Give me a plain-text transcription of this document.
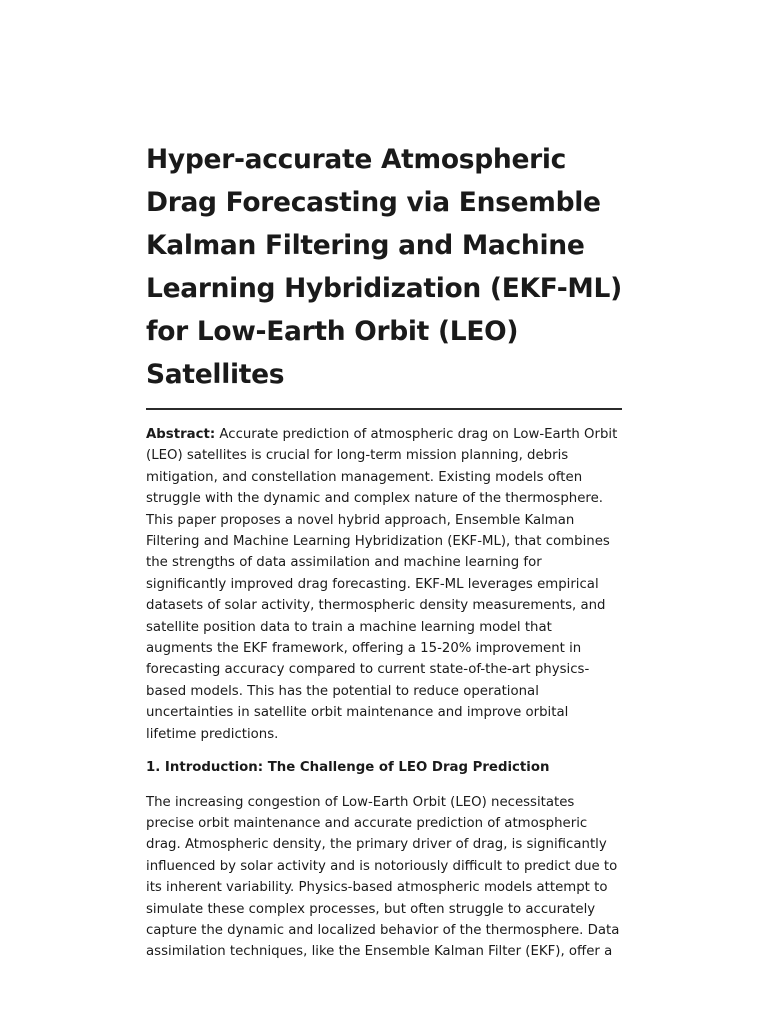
Hyper-accurate Atmospheric Drag Forecasting via Ensemble Kalman Filtering and Machine Learning Hybridization (EKF-ML) for Low-Earth Orbit (LEO) Satellites

Abstract: Accurate prediction of atmospheric drag on Low-Earth Orbit (LEO) satellites is crucial for long-term mission planning, debris mitigation, and constellation management. Existing models often struggle with the dynamic and complex nature of the thermosphere. This paper proposes a novel hybrid approach, Ensemble Kalman Filtering and Machine Learning Hybridization (EKF-ML), that combines the strengths of data assimilation and machine learning for significantly improved drag forecasting. EKF-ML leverages empirical datasets of solar activity, thermospheric density measurements, and satellite position data to train a machine learning model that augments the EKF framework, offering a 15-20% improvement in forecasting accuracy compared to current state-of-the-art physics-based models. This has the potential to reduce operational uncertainties in satellite orbit maintenance and improve orbital lifetime predictions.

1. Introduction: The Challenge of LEO Drag Prediction

The increasing congestion of Low-Earth Orbit (LEO) necessitates precise orbit maintenance and accurate prediction of atmospheric drag. Atmospheric density, the primary driver of drag, is significantly influenced by solar activity and is notoriously difficult to predict due to its inherent variability. Physics-based atmospheric models attempt to simulate these complex processes, but often struggle to accurately capture the dynamic and localized behavior of the thermosphere. Data assimilation techniques, like the Ensemble Kalman Filter (EKF), offer a
